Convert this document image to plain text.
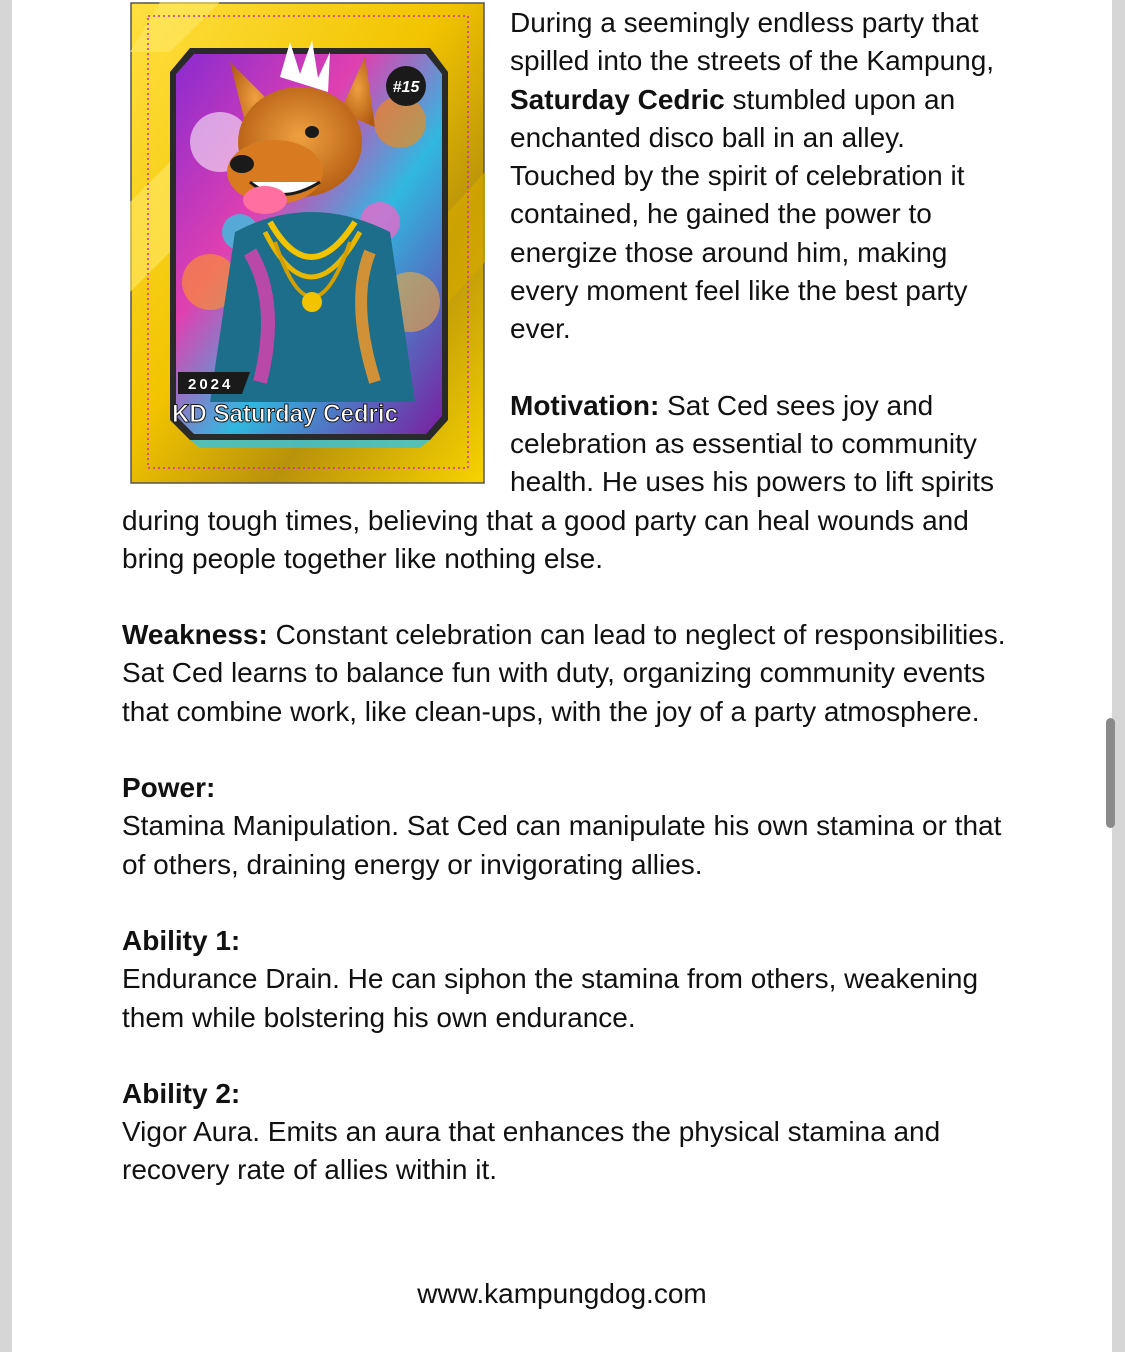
#15
2024
KD Saturday Cedric

During a seemingly endless party that spilled into the streets of the Kampung, Saturday Cedric stumbled upon an enchanted disco ball in an alley. Touched by the spirit of celebration it contained, he gained the power to energize those around him, making every moment feel like the best party ever.

Motivation: Sat Ced sees joy and celebration as essential to community health. He uses his powers to lift spirits during tough times, believing that a good party can heal wounds and bring people together like nothing else.

Weakness: Constant celebration can lead to neglect of responsibilities. Sat Ced learns to balance fun with duty, organizing community events that combine work, like clean-ups, with the joy of a party atmosphere.

Power:
Stamina Manipulation. Sat Ced can manipulate his own stamina or that of others, draining energy or invigorating allies.

Ability 1:
Endurance Drain. He can siphon the stamina from others, weakening them while bolstering his own endurance.

Ability 2:
Vigor Aura. Emits an aura that enhances the physical stamina and recovery rate of allies within it.

www.kampungdog.com
